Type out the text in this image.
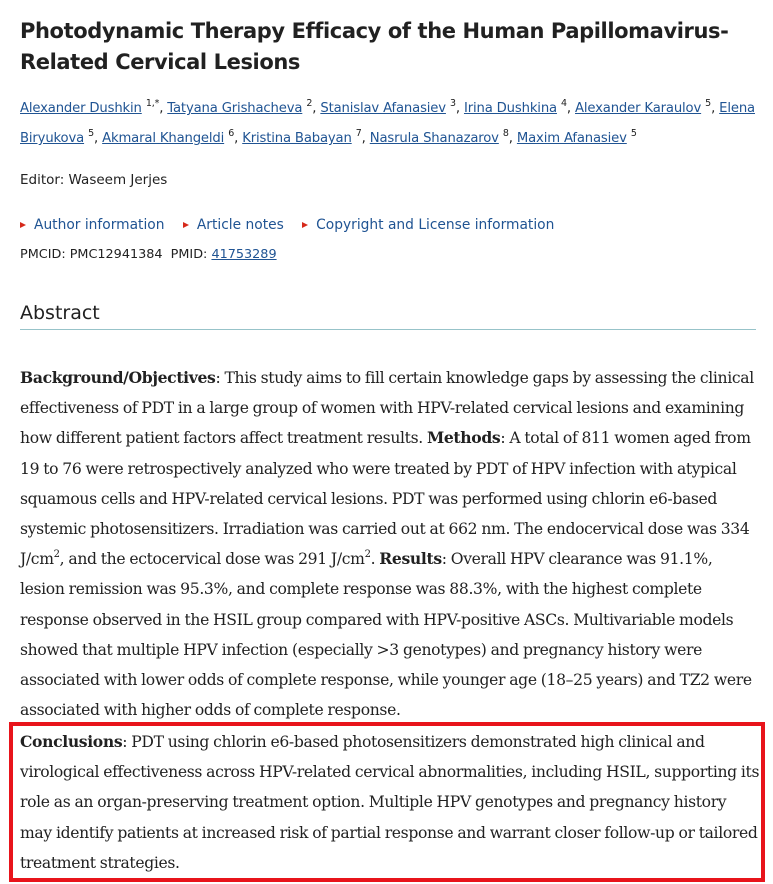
Photodynamic Therapy Efficacy of the Human Papillomavirus-Related Cervical Lesions
Alexander Dushkin $^{1,*}$, Tatyana Grishacheva $^2$, Stanislav Afanasiev $^3$, Irina Dushkina $^4$, Alexander Karaulov $^5$, Elena Biryukova $^5$, Akmaral Khangeldi $^6$, Kristina Babayan $^7$, Nasrula Shanazarov $^8$, Maxim Afanasiev $^5$
Editor: Waseem Jerjes
Author information
Article notes
Copyright and License information
PMCID: PMC12941384 PMID: 41753289
Abstract

Background/Objectives: This study aims to fill certain knowledge gaps by assessing the clinical effectiveness of PDT in a large group of women with HPV-related cervical lesions and examining how different patient factors affect treatment results. Methods: A total of 811 women aged from 19 to 76 were retrospectively analyzed who were treated by PDT of HPV infection with atypical squamous cells and HPV-related cervical lesions. PDT was performed using chlorin e6-based systemic photosensitizers. Irradiation was carried out at 662 nm. The endocervical dose was 334 $J/cm^2$, and the ectocervical dose was 291 $J/cm^2$. Results: Overall HPV clearance was 91.1%, lesion remission was 95.3%, and complete response was 88.3%, with the highest complete response observed in the HSIL group compared with HPV-positive ASCs. Multivariable models showed that multiple HPV infection (especially >3 genotypes) and pregnancy history were associated with lower odds of complete response, while younger age (18–25 years) and TZ2 were associated with higher odds of complete response.

Conclusions: PDT using chlorin e6-based photosensitizers demonstrated high clinical and virological effectiveness across HPV-related cervical abnormalities, including HSIL, supporting its role as an organ-preserving treatment option. Multiple HPV genotypes and pregnancy history may identify patients at increased risk of partial response and warrant closer follow-up or tailored treatment strategies.
